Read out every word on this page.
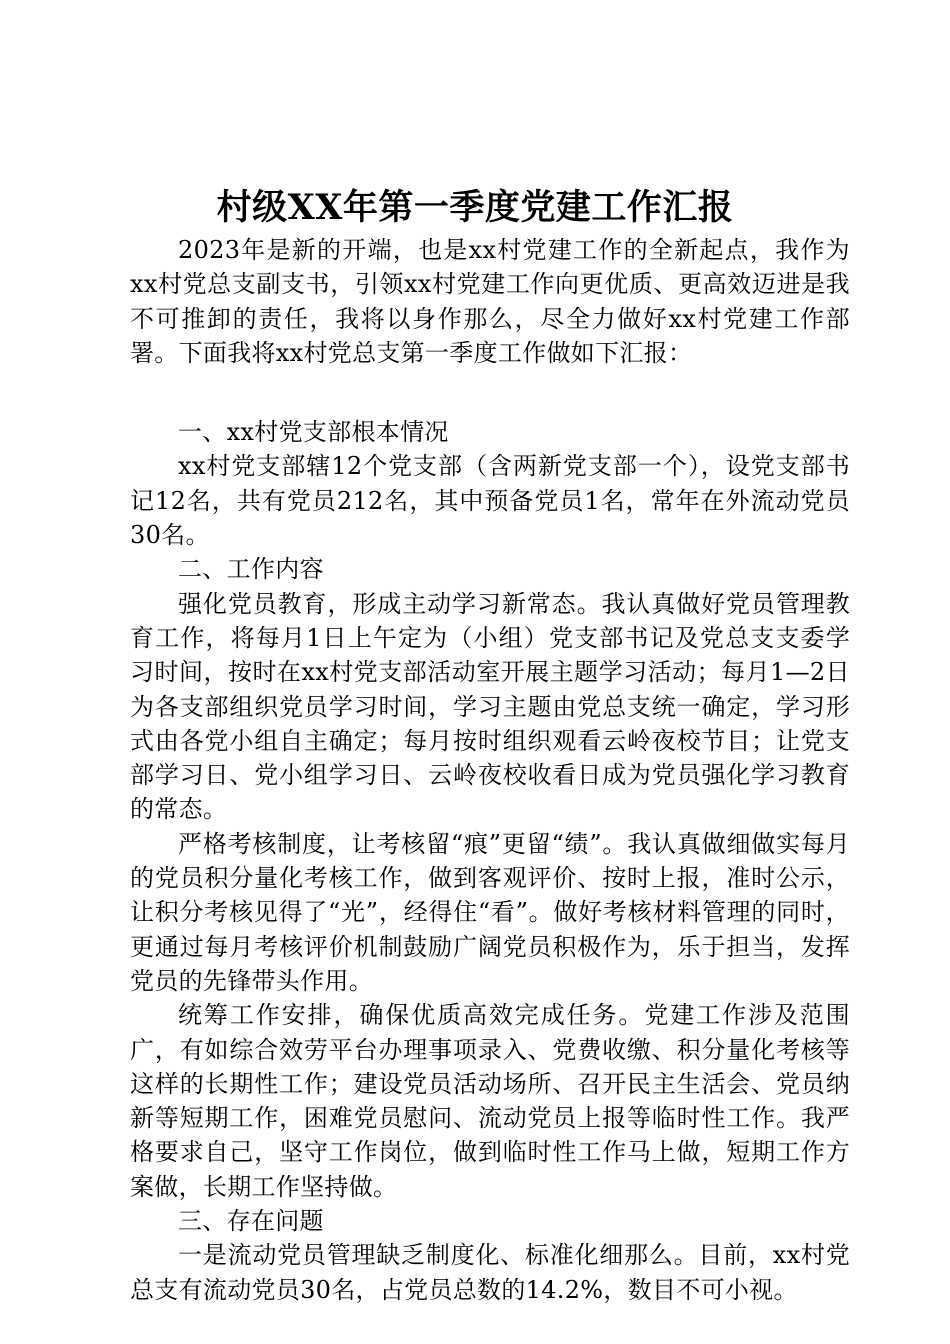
村级XX年第一季度党建工作汇报

2023年是新的开端，也是xx村党建工作的全新起点，我作为xx村党总支副支书，引领xx村党建工作向更优质、更高效迈进是我不可推卸的责任，我将以身作那么，尽全力做好xx村党建工作部署。下面我将xx村党总支第一季度工作做如下汇报：

一、xx村党支部根本情况

xx村党支部辖12个党支部（含两新党支部一个），设党支部书记12名，共有党员212名，其中预备党员1名，常年在外流动党员30名。

二、工作内容

强化党员教育，形成主动学习新常态。我认真做好党员管理教育工作，将每月1日上午定为（小组）党支部书记及党总支支委学习时间，按时在xx村党支部活动室开展主题学习活动；每月1—2日为各支部组织党员学习时间，学习主题由党总支统一确定，学习形式由各党小组自主确定；每月按时组织观看云岭夜校节目；让党支部学习日、党小组学习日、云岭夜校收看日成为党员强化学习教育的常态。

严格考核制度，让考核留“痕”更留“绩”。我认真做细做实每月的党员积分量化考核工作，做到客观评价、按时上报，准时公示，让积分考核见得了“光”，经得住“看”。做好考核材料管理的同时，更通过每月考核评价机制鼓励广阔党员积极作为，乐于担当，发挥党员的先锋带头作用。

统筹工作安排，确保优质高效完成任务。党建工作涉及范围广，有如综合效劳平台办理事项录入、党费收缴、积分量化考核等这样的长期性工作；建设党员活动场所、召开民主生活会、党员纳新等短期工作，困难党员慰问、流动党员上报等临时性工作。我严格要求自己，坚守工作岗位，做到临时性工作马上做，短期工作方案做，长期工作坚持做。

三、存在问题

一是流动党员管理缺乏制度化、标准化细那么。目前，xx村党总支有流动党员30名，占党员总数的14.2%，数目不可小视。
